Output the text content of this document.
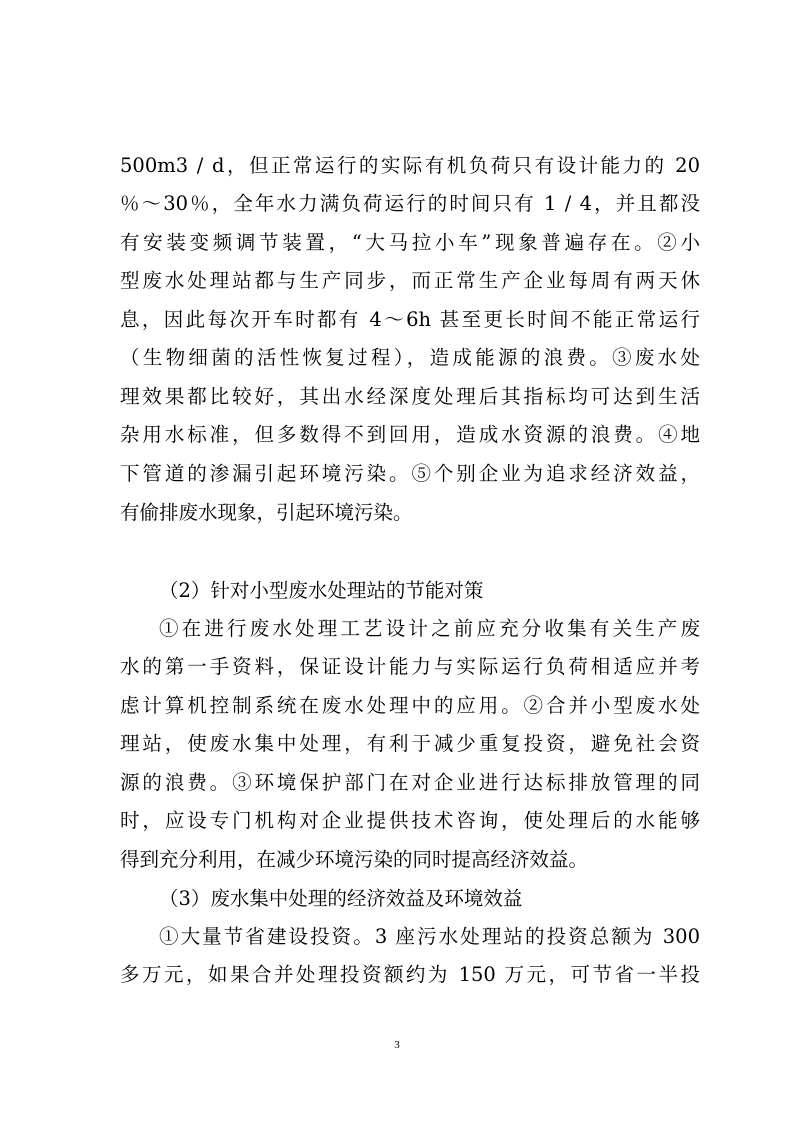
500m3 / d，但正常运行的实际有机负荷只有设计能力的 20
％～30％，全年水力满负荷运行的时间只有 1 / 4，并且都没
有安装变频调节装置，“大马拉小车”现象普遍存在。②小
型废水处理站都与生产同步，而正常生产企业每周有两天休
息，因此每次开车时都有 4～6h 甚至更长时间不能正常运行
（生物细菌的活性恢复过程），造成能源的浪费。③废水处
理效果都比较好，其出水经深度处理后其指标均可达到生活
杂用水标准，但多数得不到回用，造成水资源的浪费。④地
下管道的渗漏引起环境污染。⑤个别企业为追求经济效益，
有偷排废水现象，引起环境污染。
（2）针对小型废水处理站的节能对策
①在进行废水处理工艺设计之前应充分收集有关生产废
水的第一手资料，保证设计能力与实际运行负荷相适应并考
虑计算机控制系统在废水处理中的应用。②合并小型废水处
理站，使废水集中处理，有利于减少重复投资，避免社会资
源的浪费。③环境保护部门在对企业进行达标排放管理的同
时，应设专门机构对企业提供技术咨询，使处理后的水能够
得到充分利用，在减少环境污染的同时提高经济效益。
（3）废水集中处理的经济效益及环境效益
①大量节省建设投资。3 座污水处理站的投资总额为 300
多万元，如果合并处理投资额约为 150 万元，可节省一半投
3
